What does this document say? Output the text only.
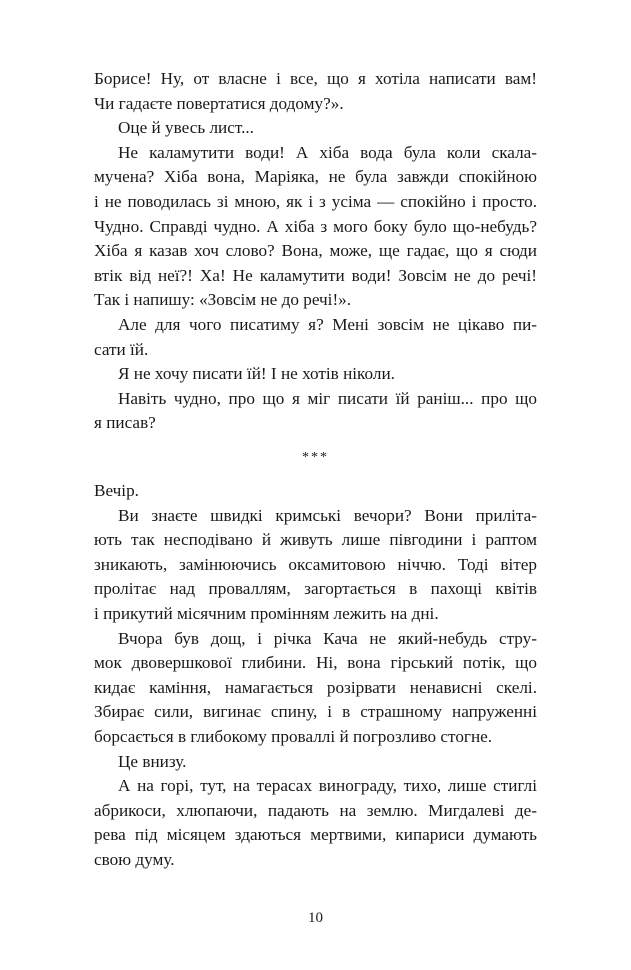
Борисе! Ну, от власне і все, що я хотіла написати вам!
Чи гадаєте повертатися додому?».
Оце й увесь лист...
Не каламутити води! А хіба вода була коли скала-
мучена? Хіба вона, Маріяка, не була завжди спокійною
і не поводилась зі мною, як і з усіма — спокійно і просто.
Чудно. Справді чудно. А хіба з мого боку було що-небудь?
Хіба я казав хоч слово? Вона, може, ще гадає, що я сюди
втік від неї?! Ха! Не каламутити води! Зовсім не до речі!
Так і напишу: «Зовсім не до речі!».
Але для чого писатиму я? Мені зовсім не цікаво пи-
сати їй.
Я не хочу писати їй! І не хотів ніколи.
Навіть чудно, про що я міг писати їй раніш... про що
я писав?
***
Вечір.
Ви знаєте швидкі кримські вечори? Вони приліта-
ють так несподівано й живуть лише півгодини і раптом
зникають, замінюючись оксамитовою ніччю. Тоді вітер
пролітає над проваллям, загортається в пахощі квітів
і прикутий місячним промінням лежить на дні.
Вчора був дощ, і річка Кача не який-небудь стру-
мок двовершкової глибини. Ні, вона гірський потік, що
кидає каміння, намагається розірвати ненависні скелі.
Збирає сили, вигинає спину, і в страшному напруженні
борсається в глибокому проваллі й погрозливо стогне.
Це внизу.
А на горі, тут, на терасах винограду, тихо, лише стиглі
абрикоси, хлюпаючи, падають на землю. Мигдалеві де-
рева під місяцем здаються мертвими, кипариси думають
свою думу.
10
